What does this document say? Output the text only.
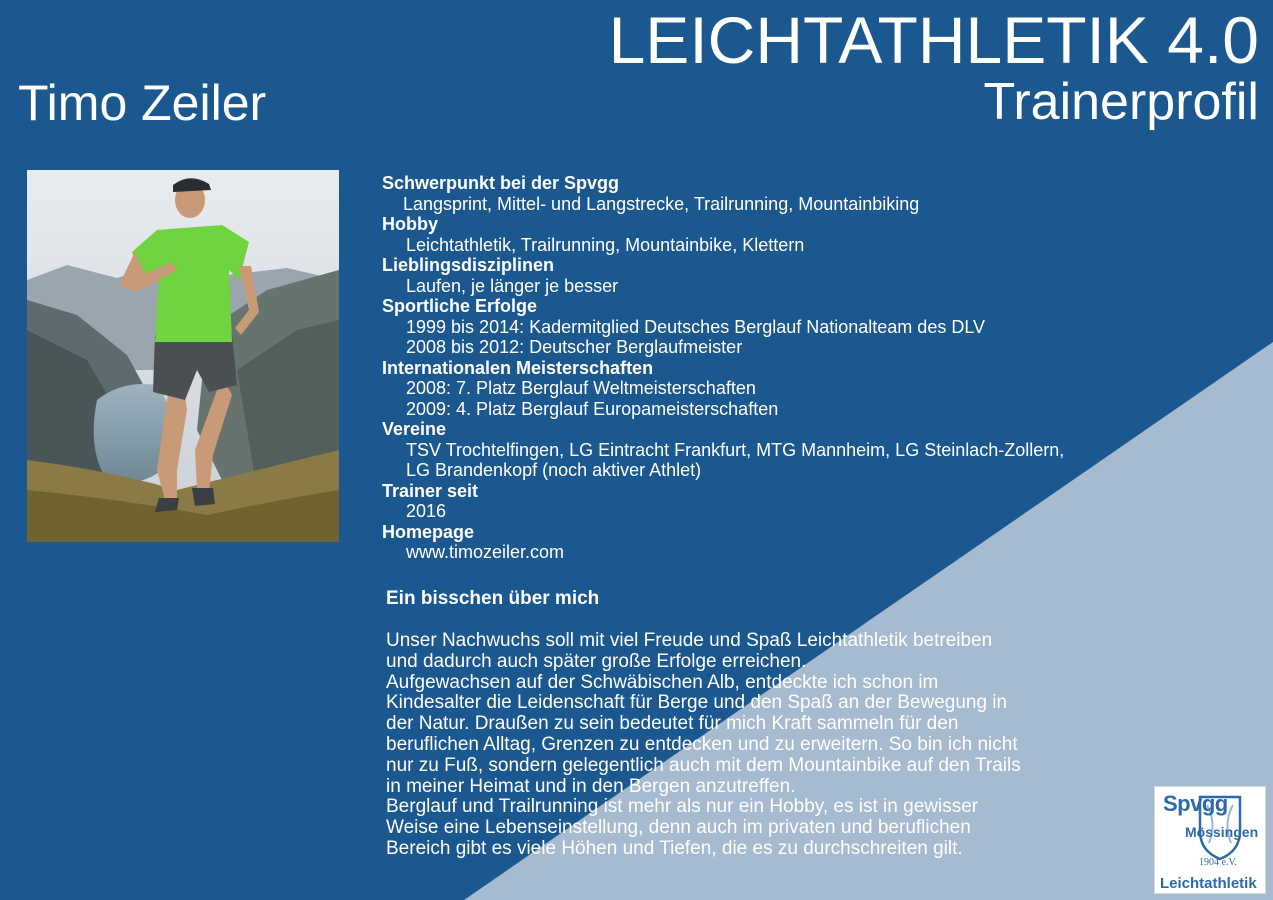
LEICHTATHLETIK 4.0
Trainerprofil
Timo Zeiler
Schwerpunkt bei der Spvgg
Langsprint, Mittel- und Langstrecke, Trailrunning, Mountainbiking
Hobby
Leichtathletik, Trailrunning, Mountainbike, Klettern
Lieblingsdisziplinen
Laufen, je länger je besser
Sportliche Erfolge
1999 bis 2014: Kadermitglied Deutsches Berglauf Nationalteam des DLV
2008 bis 2012: Deutscher Berglaufmeister
Internationalen Meisterschaften
2008: 7. Platz Berglauf Weltmeisterschaften
2009: 4. Platz Berglauf Europameisterschaften
Vereine
TSV Trochtelfingen, LG Eintracht Frankfurt, MTG Mannheim, LG Steinlach-Zollern,
LG Brandenkopf (noch aktiver Athlet)
Trainer seit
2016
Homepage
www.timozeiler.com
Ein bisschen über mich

Unser Nachwuchs soll mit viel Freude und Spaß Leichtathletik betreiben
und dadurch auch später große Erfolge erreichen.

Aufgewachsen auf der Schwäbischen Alb, entdeckte ich schon im
Kindesalter die Leidenschaft für Berge und den Spaß an der Bewegung in
der Natur. Draußen zu sein bedeutet für mich Kraft sammeln für den
beruflichen Alltag, Grenzen zu entdecken und zu erweitern. So bin ich nicht
nur zu Fuß, sondern gelegentlich auch mit dem Mountainbike auf den Trails
in meiner Heimat und in den Bergen anzutreffen.

Berglauf und Trailrunning ist mehr als nur ein Hobby, es ist in gewisser
Weise eine Lebenseinstellung, denn auch im privaten und beruflichen
Bereich gibt es viele Höhen und Tiefen, die es zu durchschreiten gilt.

Spvgg
Mössingen
1904 e.V.
Leichtathletik
